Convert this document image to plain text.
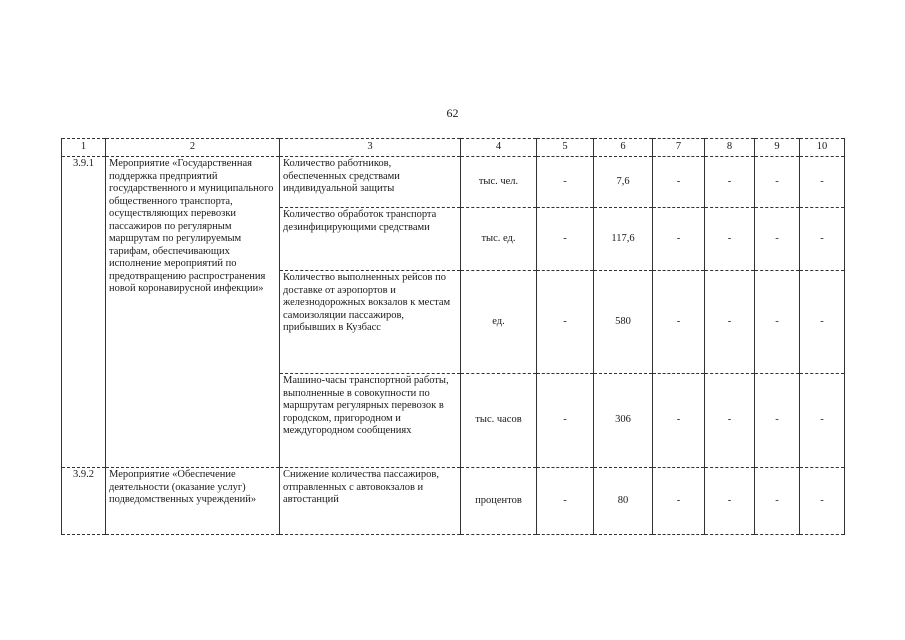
62
1	2	3	4	5	6	7	8	9	10
3.9.1	Мероприятие «Государственная поддержка предприятий государственного и муниципального общественного транспорта, осуществляющих перевозки пассажиров по регулярным маршрутам по регулируемым тарифам, обеспечивающих исполнение мероприятий по предотвращению распространения новой коронавирусной инфекции»	Количество работников, обеспеченных средствами индивидуальной защиты	тыс. чел.	-	7,6	-	-	-	-
		Количество обработок транспорта дезинфицирующими средствами	тыс. ед.	-	117,6	-	-	-	-
		Количество выполненных рейсов по доставке от аэропортов и железнодорожных вокзалов к местам самоизоляции пассажиров, прибывших в Кузбасс	ед.	-	580	-	-	-	-
		Машино-часы транспортной работы, выполненные в совокупности по маршрутам регулярных перевозок в городском, пригородном и междугородном сообщениях	тыс. часов	-	306	-	-	-	-
3.9.2	Мероприятие «Обеспечение деятельности (оказание услуг) подведомственных учреждений»	Снижение количества пассажиров, отправленных с автовокзалов и автостанций	процентов	-	80	-	-	-	-
